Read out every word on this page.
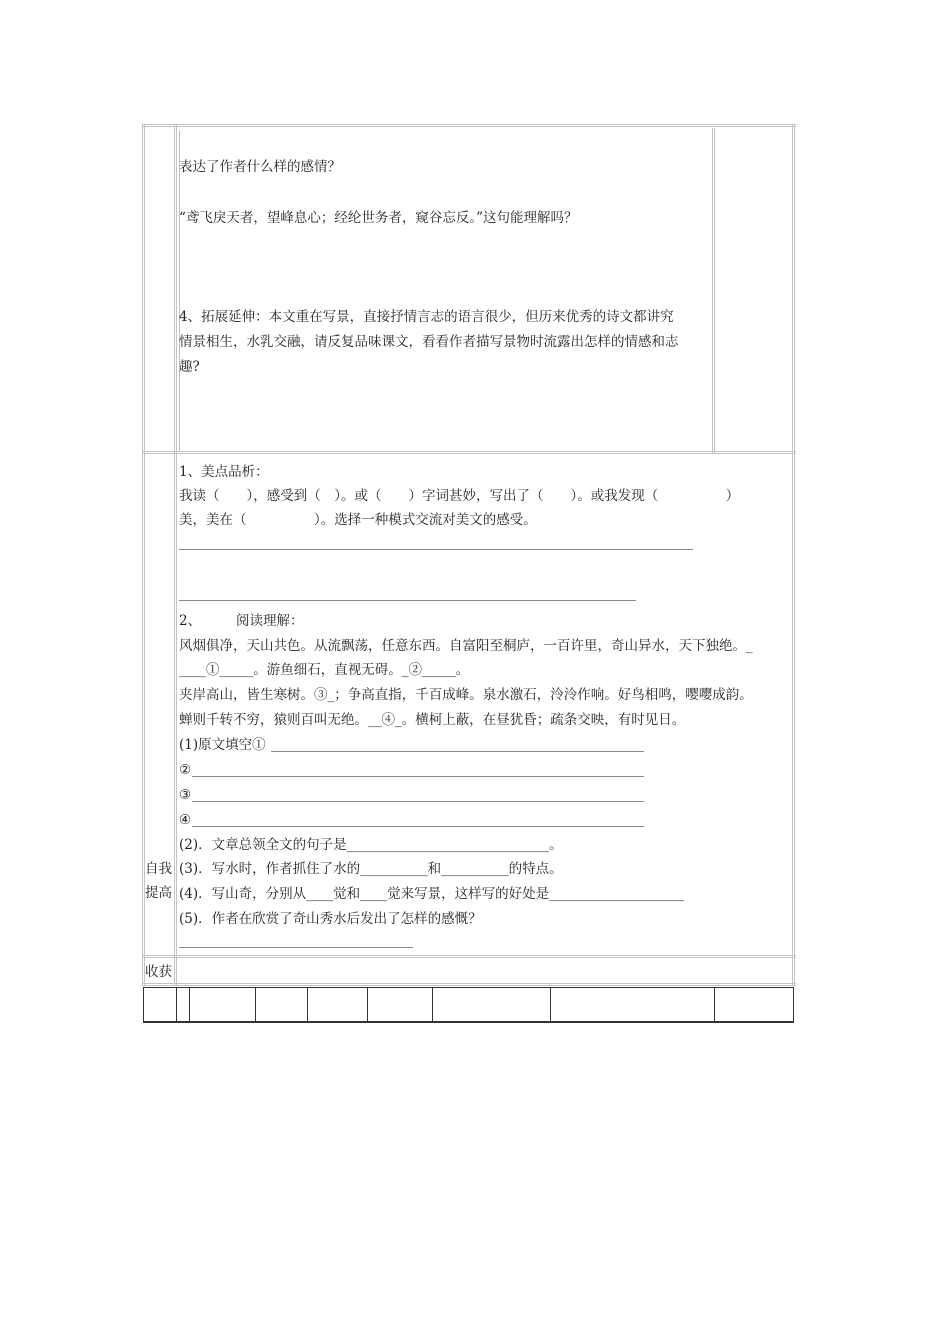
表达了作者什么样的感情？
“鸢飞戾天者，望峰息心；经纶世务者，窥谷忘反。”这句能理解吗？
4、拓展延伸：本文重在写景，直接抒情言志的语言很少，但历来优秀的诗文都讲究
情景相生，水乳交融，请反复品味课文，看看作者描写景物时流露出怎样的情感和志
趣?
自我
提高
1、美点品析：
我读（　　），感受到（　）。或（　　）字词甚妙，写出了（　　）。或我发现（　　　　　）
美，美在（　　　　　）。选择一种模式交流对美文的感受。
2、	阅读理解：
风烟俱净，天山共色。从流飘荡，任意东西。自富阳至桐庐，一百许里，奇山异水，天下独绝。_
____①_____。游鱼细石，直视无碍。_②_____。
夹岸高山，皆生寒树。③_；争高直指，千百成峰。泉水激石，泠泠作响。好鸟相鸣，嘤嘤成韵。
蝉则千转不穷，猿则百叫无绝。__④_。横柯上蔽，在昼犹昏；疏条交映，有时见日。
(1)原文填空①
②
③
④
(2)．文章总领全文的句子是______________________________。
(3)．写水时，作者抓住了水的__________和__________的特点。
(4)．写山奇，分别从____觉和____觉来写景，这样写的好处是____________________
(5)．作者在欣赏了奇山秀水后发出了怎样的感慨？
收获
